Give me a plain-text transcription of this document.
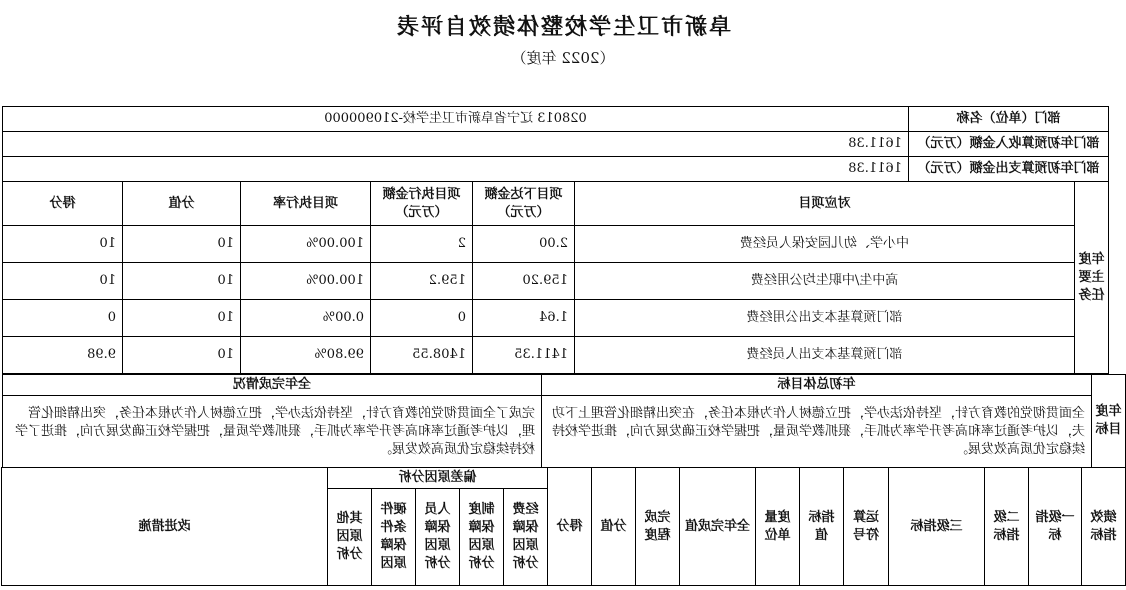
阜新市卫生学校整体绩效自评表
（2022 年度）
部门（单位）名称	028013 辽宁省阜新市卫生学校-210900000
部门年初预算收入金额（万元）	1611.38
部门年初预算支出金额（万元）	1611.38
年度主要任务	对应项目	项目下达金额（万元）	项目执行金额（万元）	项目执行率	分值	得分
	中小学、幼儿园安保人员经费	2.00	2	100.00%	10	10
	高中生/中职生均公用经费	159.20	159.2	100.00%	10	10
	部门预算基本支出公用经费	1.64	0	0.00%	10	0
	部门预算基本支出人员经费	1411.35	1408.55	99.80%	10	9.98
年度目标	年初总体目标	全年完成情况
	全面贯彻党的教育方针，坚持依法办学，把立德树人作为根本任务，在突出精细化管理上下功夫，以护考通过率和高考升学率为抓手，狠抓教学质量，把握学校正确发展方向，推进学校持续稳定优质高效发展。	完成了全面贯彻党的教育方针，坚持依法办学，把立德树人作为根本任务，突出精细化管理，以护考通过率和高考升学率为抓手，狠抓教学质量，把握学校正确发展方向，推进了学校持续稳定优质高效发展。
绩效指标	一级指标	二级指标	三级指标	运算符号	指标值	度量单位	全年完成值	完成程度	分值	得分	偏差原因分析					改进措施
											经费保障原因分析	制度保障原因分析	人员保障原因分析	硬件条件保障原因	其他原因分析	
